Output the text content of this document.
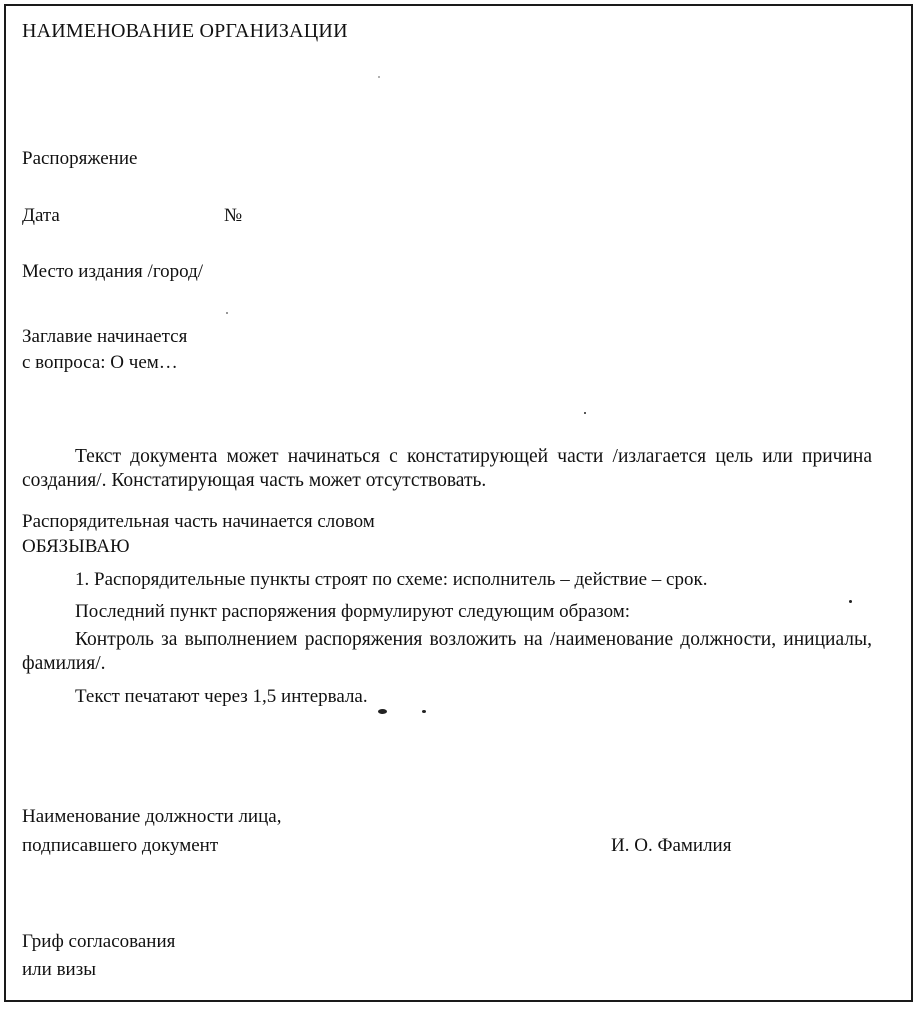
НАИМЕНОВАНИЕ ОРГАНИЗАЦИИ
Распоряжение
Дата	№
Место издания /город/
Заглавие начинается
с вопроса: О чем…
Текст документа может начинаться с констатирующей части /излагается цель или причина создания/. Констатирующая часть может отсутствовать.
Распорядительная часть начинается словом
ОБЯЗЫВАЮ
1. Распорядительные пункты строят по схеме: исполнитель – действие – срок.
Последний пункт распоряжения формулируют следующим образом:
Контроль за выполнением распоряжения возложить на /наименование должности, инициалы, фамилия/.
Текст печатают через 1,5 интервала.
Наименование должности лица,
подписавшего документ	И. О. Фамилия
Гриф согласования
или визы
